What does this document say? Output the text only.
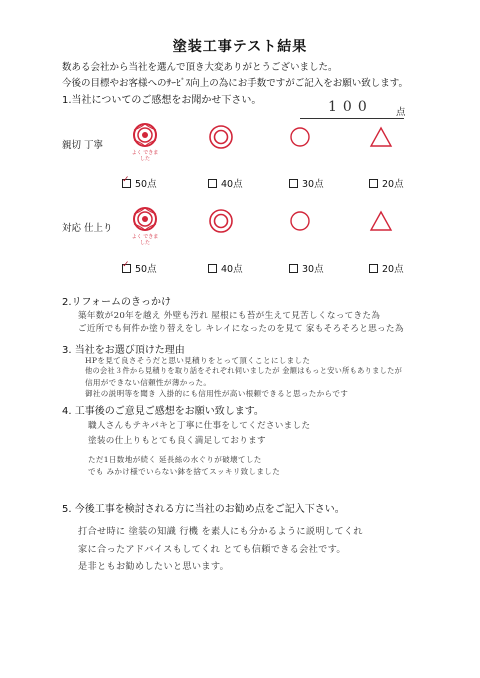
塗装工事テスト結果
数ある会社から当社を選んで頂き大変ありがとうございました。
今後の目標やお客様へのｻｰﾋﾞｽ向上の為にお手数ですがご記入をお願い致します。
1.当社についてのご感想をお聞かせ下さい。	100 点
親切 丁寧
よく できました
✓50点	40点	30点	20点
対応 仕上り
よく できました
✓50点	40点	30点	20点
2.リフォームのきっかけ
築年数が20年を越え 外壁も汚れ 屋根にも苔が生えて見苦しくなってきた為
ご近所でも何件か塗り替えをし キレイになったのを見て 家もそろそろと思った為
3. 当社をお選び頂けた理由
HPを見て良さそうだと思い見積りをとって頂くことにしました
他の会社３件から見積りを取り話をそれぞれ伺いましたが 金額はもっと安い所もありましたが
信用ができない信頼性が薄かった。
御社の説明等を聞き 入掛的にも信用性が高い根頼できると思ったからです
4. 工事後のご意見ご感想をお願い致します。
職人さんもテキパキと丁寧に仕事をしてくださいました
塗装の仕上りもとても良く満足しております
ただ1日数地が続く 延長絲の水ぐりが破壊てした
でも みかけ様でいらない鉢を捨てスッキリ致しました
5. 今後工事を検討される方に当社のお勧め点をご記入下さい。
打合せ時に 塗装の知識 行機 を素人にも分かるように説明してくれ
家に合ったアドバイスもしてくれ とても信頼できる会社です。
是非ともお勧めしたいと思います。
